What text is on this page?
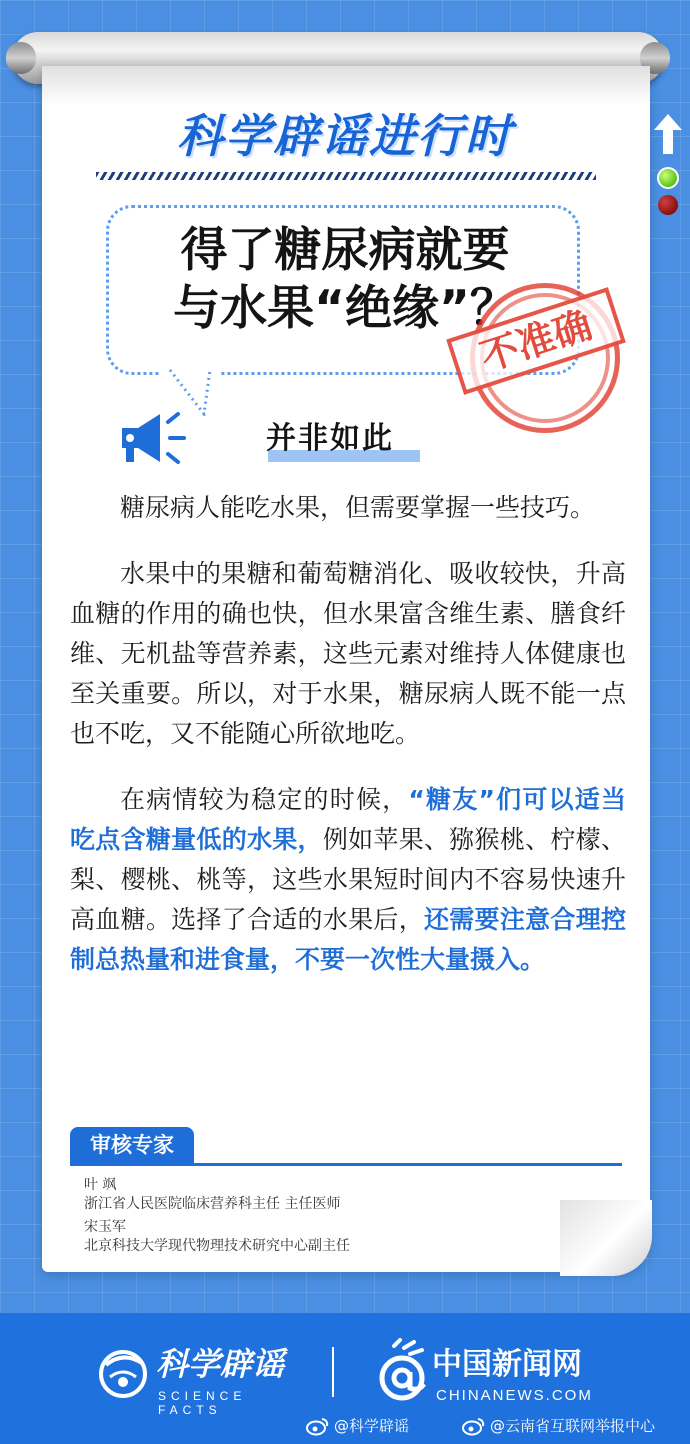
科学辟谣进行时
得了糖尿病就要
与水果“绝缘”？
不准确
并非如此

糖尿病人能吃水果，但需要掌握一些技巧。

水果中的果糖和葡萄糖消化、吸收较快，升高血糖的作用的确也快，但水果富含维生素、膳食纤维、无机盐等营养素，这些元素对维持人体健康也至关重要。所以，对于水果，糖尿病人既不能一点也不吃，又不能随心所欲地吃。

在病情较为稳定的时候，“糖友”们可以适当吃点含糖量低的水果，例如苹果、猕猴桃、柠檬、梨、樱桃、桃等，这些水果短时间内不容易快速升高血糖。选择了合适的水果后，还需要注意合理控制总热量和进食量，不要一次性大量摄入。

审核专家
叶 飒
浙江省人民医院临床营养科主任 主任医师
宋玉军
北京科技大学现代物理技术研究中心副主任
科学辟谣
SCIENCE FACTS
中国新闻网
CHINANEWS.COM
@科学辟谣	@云南省互联网举报中心
